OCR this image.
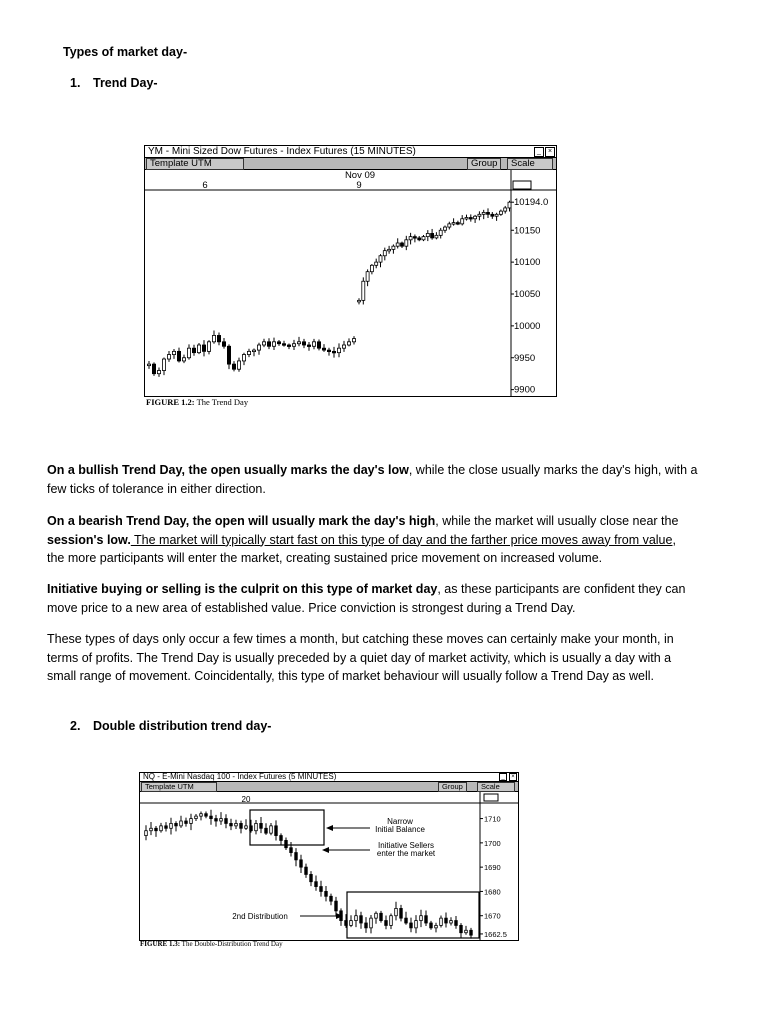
Types of market day-
1. Trend Day-
YM - Mini Sized Dow Futures - Index Futures (15 MINUTES)	_	×
Template UTM	Group	Scale
Nov 09
6	9
10194.0
10150
10100
10050
10000
9950
9900
FIGURE 1.2: The Trend Day
On a bullish Trend Day, the open usually marks the day's low, while the close usually marks the day's high, with a
few ticks of tolerance in either direction.
On a bearish Trend Day, the open will usually mark the day's high, while the market will usually close near the
session's low. The market will typically start fast on this type of day and the farther price moves away from value,
the more participants will enter the market, creating sustained price movement on increased volume.
Initiative buying or selling is the culprit on this type of market day, as these participants are confident they can
move price to a new area of established value. Price conviction is strongest during a Trend Day.
These types of days only occur a few times a month, but catching these moves can certainly make your month, in
terms of profits. The Trend Day is usually preceded by a quiet day of market activity, which is usually a day with a
small range of movement. Coincidentally, this type of market behaviour will usually follow a Trend Day as well.
2. Double distribution trend day-
NQ - E-Mini Nasdaq 100 - Index Futures (5 MINUTES)	_	×
Template UTM	Group	Scale
Narrow
Initial Balance
Initiative Sellers
enter the market
2nd Distribution
20
1710
1700
1690
1680
1670
1662.5
FIGURE 1.3: The Double-Distribution Trend Day
